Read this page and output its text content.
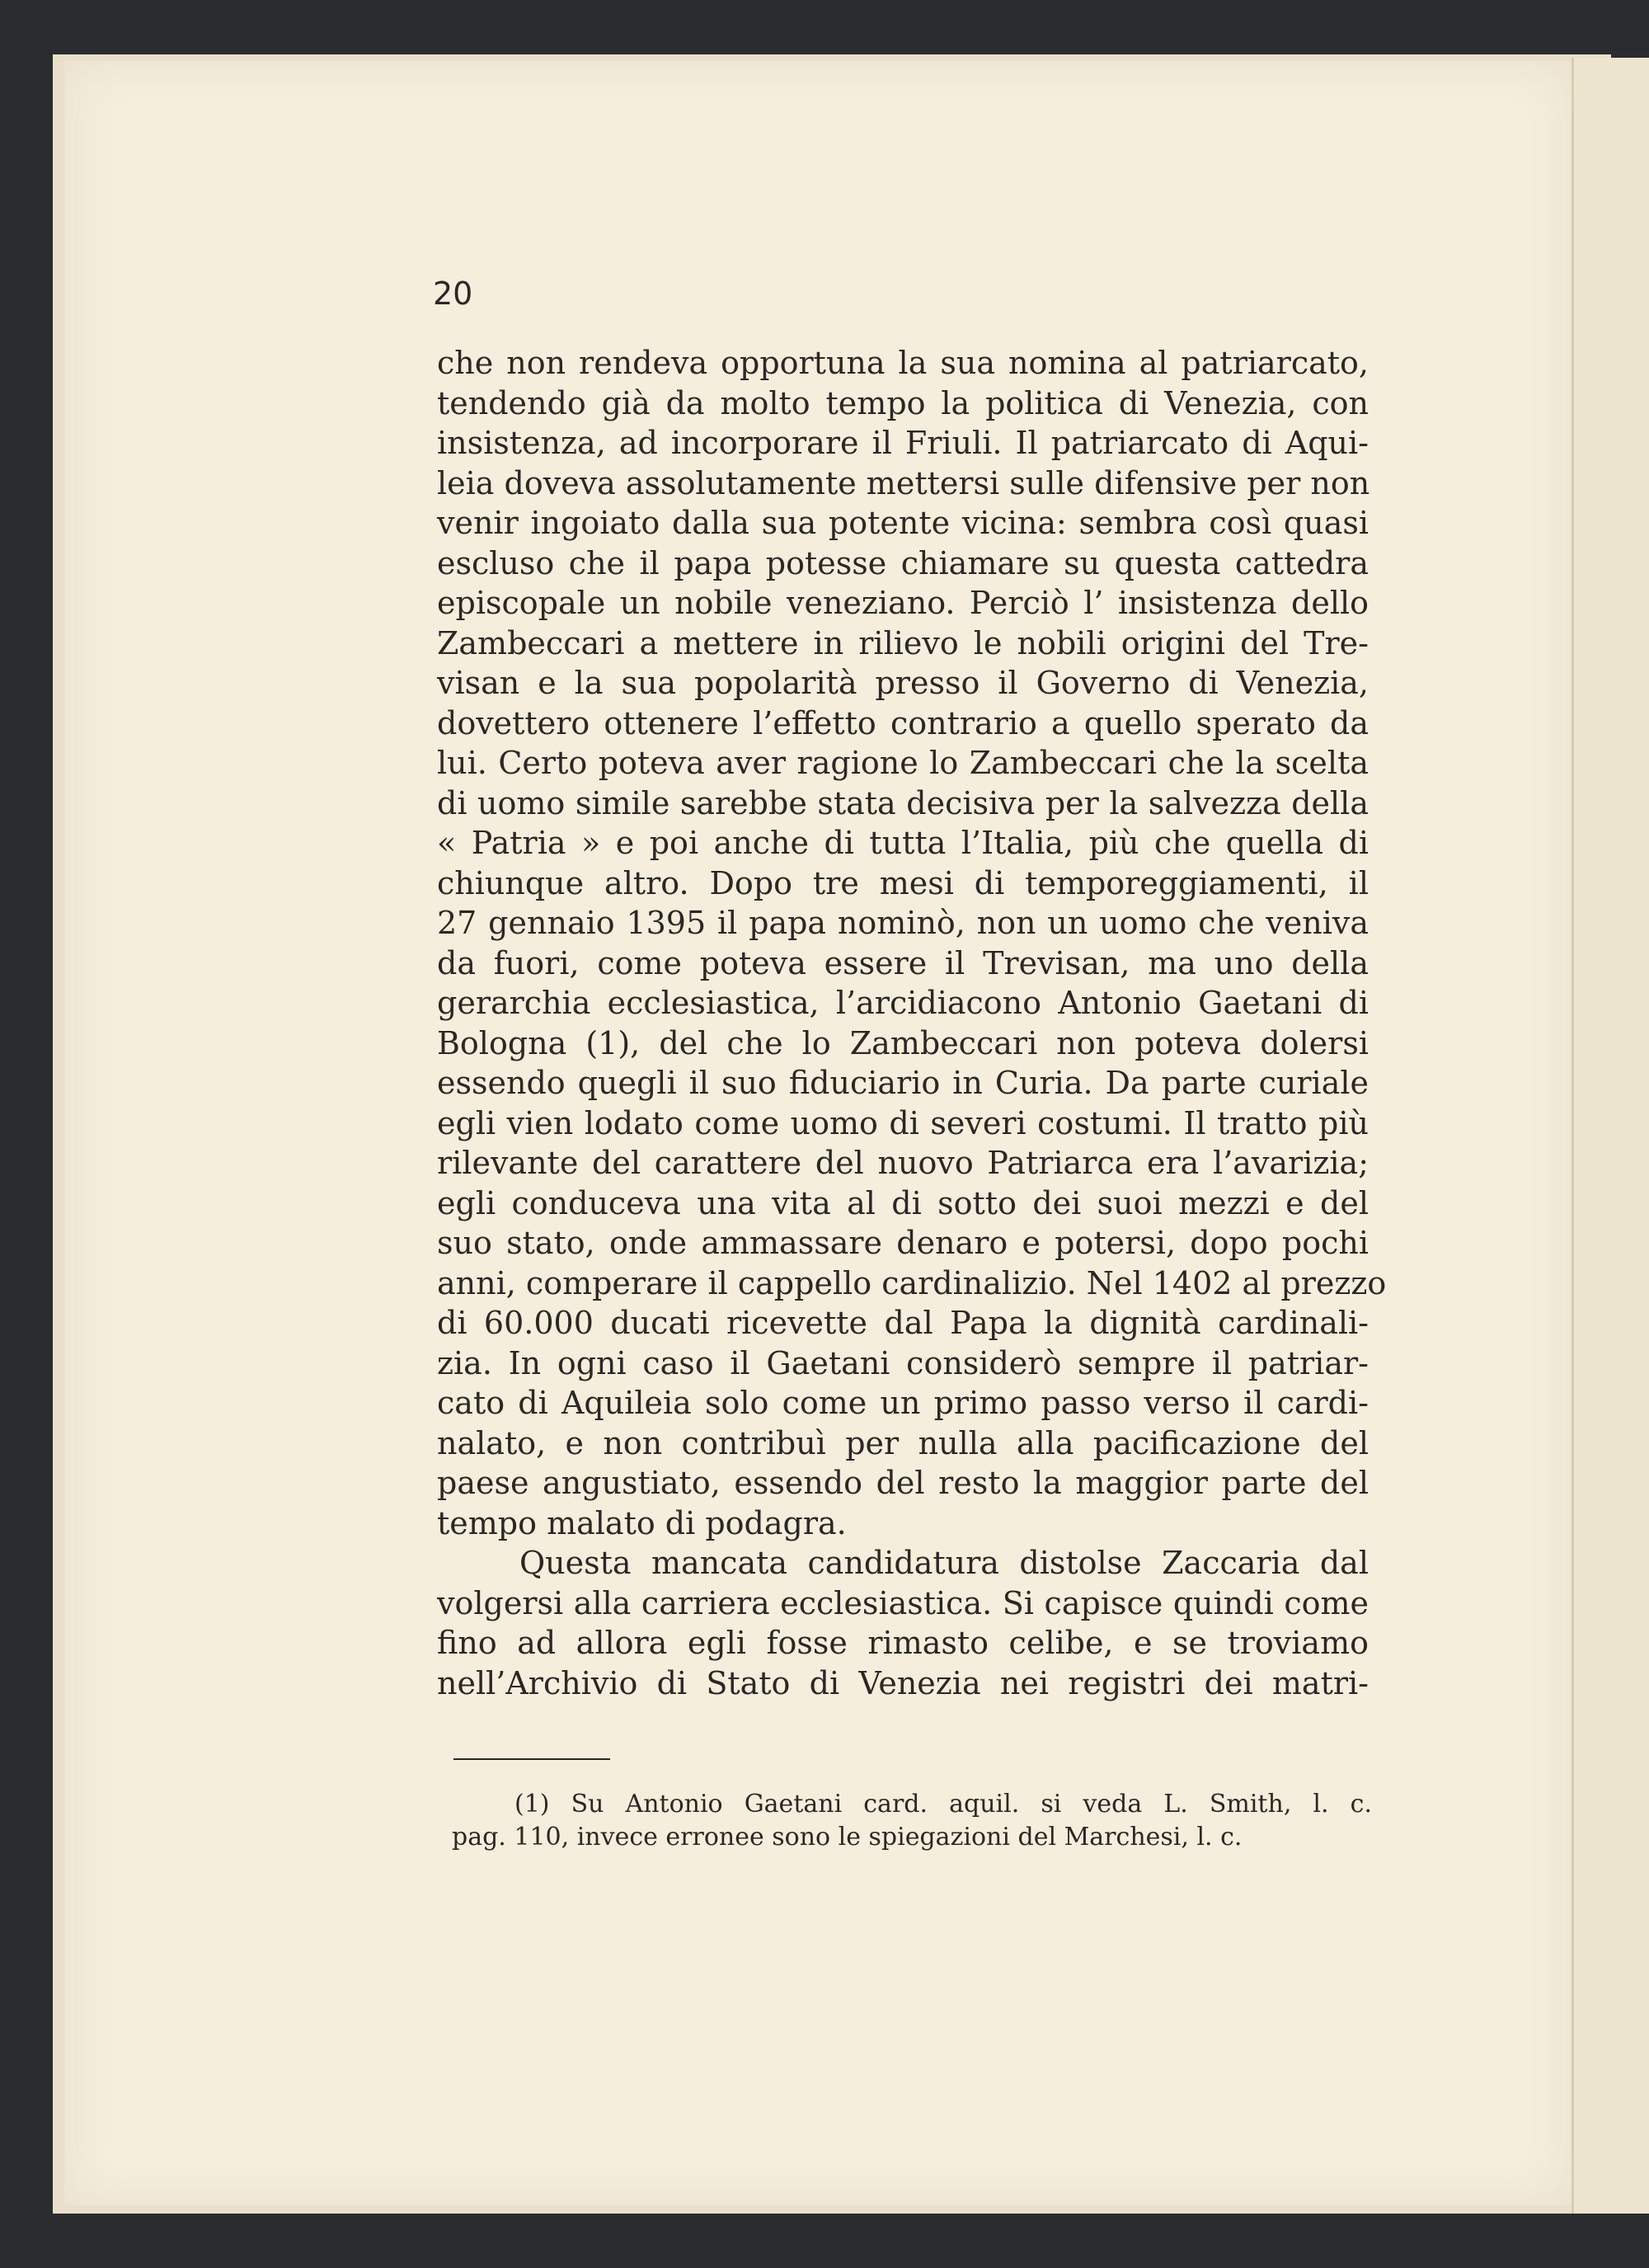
20
che non rendeva opportuna la sua nomina al patriarcato,
tendendo già da molto tempo la politica di Venezia, con
insistenza, ad incorporare il Friuli. Il patriarcato di Aqui-
leia doveva assolutamente mettersi sulle difensive per non
venir ingoiato dalla sua potente vicina: sembra così quasi
escluso che il papa potesse chiamare su questa cattedra
episcopale un nobile veneziano. Perciò l’ insistenza dello
Zambeccari a mettere in rilievo le nobili origini del Tre-
visan e la sua popolarità presso il Governo di Venezia,
dovettero ottenere l’effetto contrario a quello sperato da
lui. Certo poteva aver ragione lo Zambeccari che la scelta
di uomo simile sarebbe stata decisiva per la salvezza della
« Patria » e poi anche di tutta l’Italia, più che quella di
chiunque altro. Dopo tre mesi di temporeggiamenti, il
27 gennaio 1395 il papa nominò, non un uomo che veniva
da fuori, come poteva essere il Trevisan, ma uno della
gerarchia ecclesiastica, l’arcidiacono Antonio Gaetani di
Bologna (1), del che lo Zambeccari non poteva dolersi
essendo quegli il suo fiduciario in Curia. Da parte curiale
egli vien lodato come uomo di severi costumi. Il tratto più
rilevante del carattere del nuovo Patriarca era l’avarizia;
egli conduceva una vita al di sotto dei suoi mezzi e del
suo stato, onde ammassare denaro e potersi, dopo pochi
anni, comperare il cappello cardinalizio. Nel 1402 al prezzo
di 60.000 ducati ricevette dal Papa la dignità cardinali-
zia. In ogni caso il Gaetani considerò sempre il patriar-
cato di Aquileia solo come un primo passo verso il cardi-
nalato, e non contribuì per nulla alla pacificazione del
paese angustiato, essendo del resto la maggior parte del
tempo malato di podagra.
Questa mancata candidatura distolse Zaccaria dal
volgersi alla carriera ecclesiastica. Si capisce quindi come
fino ad allora egli fosse rimasto celibe, e se troviamo
nell’Archivio di Stato di Venezia nei registri dei matri-
(1) Su Antonio Gaetani card. aquil. si veda L. Smith, l. c.
pag. 110, invece erronee sono le spiegazioni del Marchesi, l. c.
